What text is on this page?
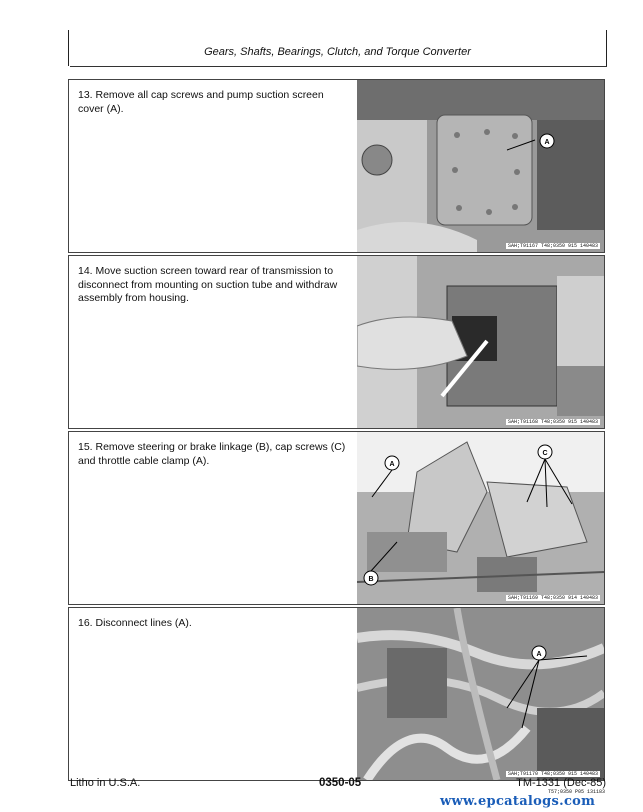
Gears, Shafts, Bearings, Clutch, and Torque Converter
13. Remove all cap screws and pump suction screen cover (A).
A
SAH;T91167 T48;0350 915 140483
14. Move suction screen toward rear of transmission to disconnect from mounting on suction tube and withdraw assembly from housing.
SAH;T91168 T48;0350 915 140483
15. Remove steering or brake linkage (B), cap screws (C) and throttle cable clamp (A).	A
B
C
SAH;T91169 T48;0350 914 140483
16. Disconnect lines (A).
A
SAH;T91170 T48;0350 915 140483
Litho in U.S.A.	0350-05	TM-1331 (Dec-85)
T57;0350 P05 131183
www.epcatalogs.com
